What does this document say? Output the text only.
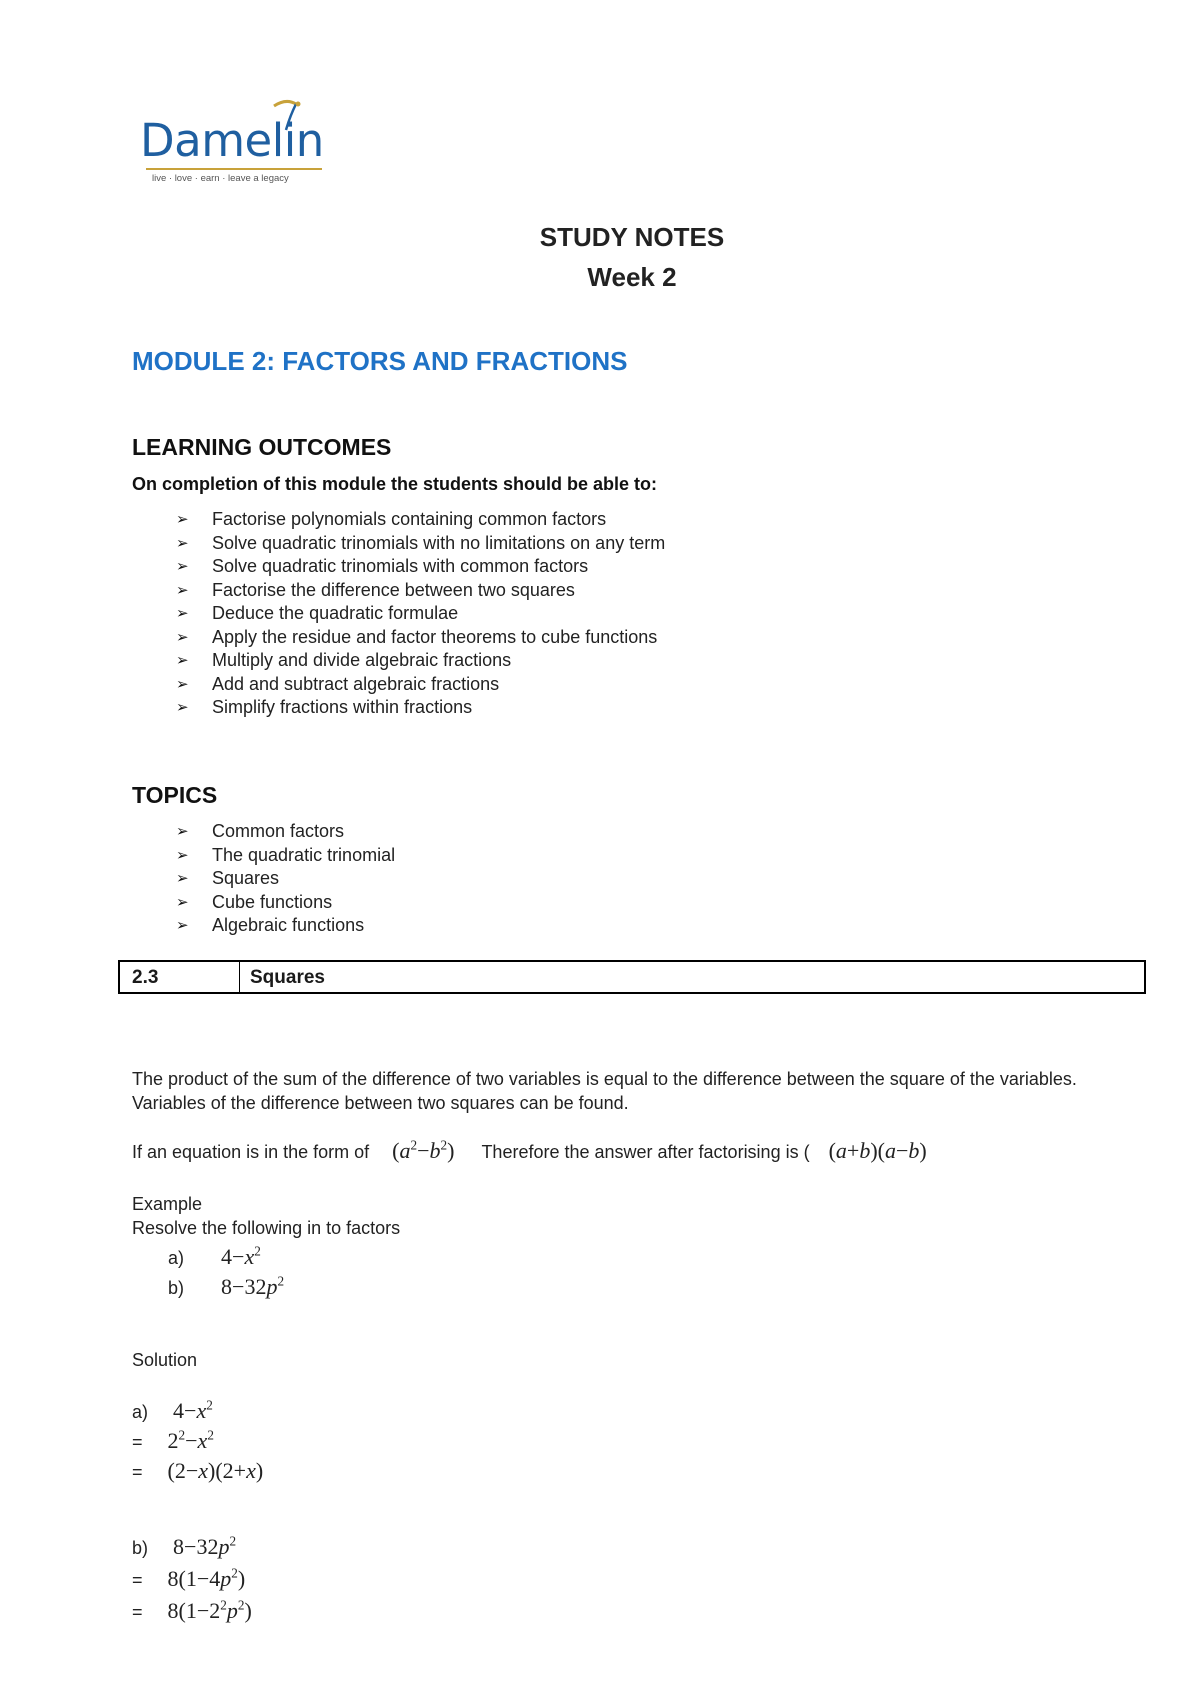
Damelin
live · love · earn · leave a legacy
STUDY NOTES
Week 2
MODULE 2: FACTORS AND FRACTIONS
LEARNING OUTCOMES
On completion of this module the students should be able to:
➢	Factorise polynomials containing common factors
➢	Solve quadratic trinomials with no limitations on any term
➢	Solve quadratic trinomials with common factors
➢	Factorise the difference between two squares
➢	Deduce the quadratic formulae
➢	Apply the residue and factor theorems to cube functions
➢	Multiply and divide algebraic fractions
➢	Add and subtract algebraic fractions
➢	Simplify fractions within fractions
TOPICS
➢	Common factors
➢	The quadratic trinomial
➢	Squares
➢	Cube functions
➢	Algebraic functions
2.3	Squares
The product of the sum of the difference of two variables is equal to the difference between the square of the variables. Variables of the difference between two squares can be found.
If an equation is in the form of $(a^2-b^2)$ Therefore the answer after factorising is ( (a+b)(a−b)
Example
Resolve the following in to factors
a) $4-x^2$
b) $8-32p^2$
Solution
a) $4-x^2$
= $2^2-x^2$
= (2−x)(2+x)
b) $8-32p^2$
= $8(1-4p^2)$
= $8(1-2^2p^2)$
